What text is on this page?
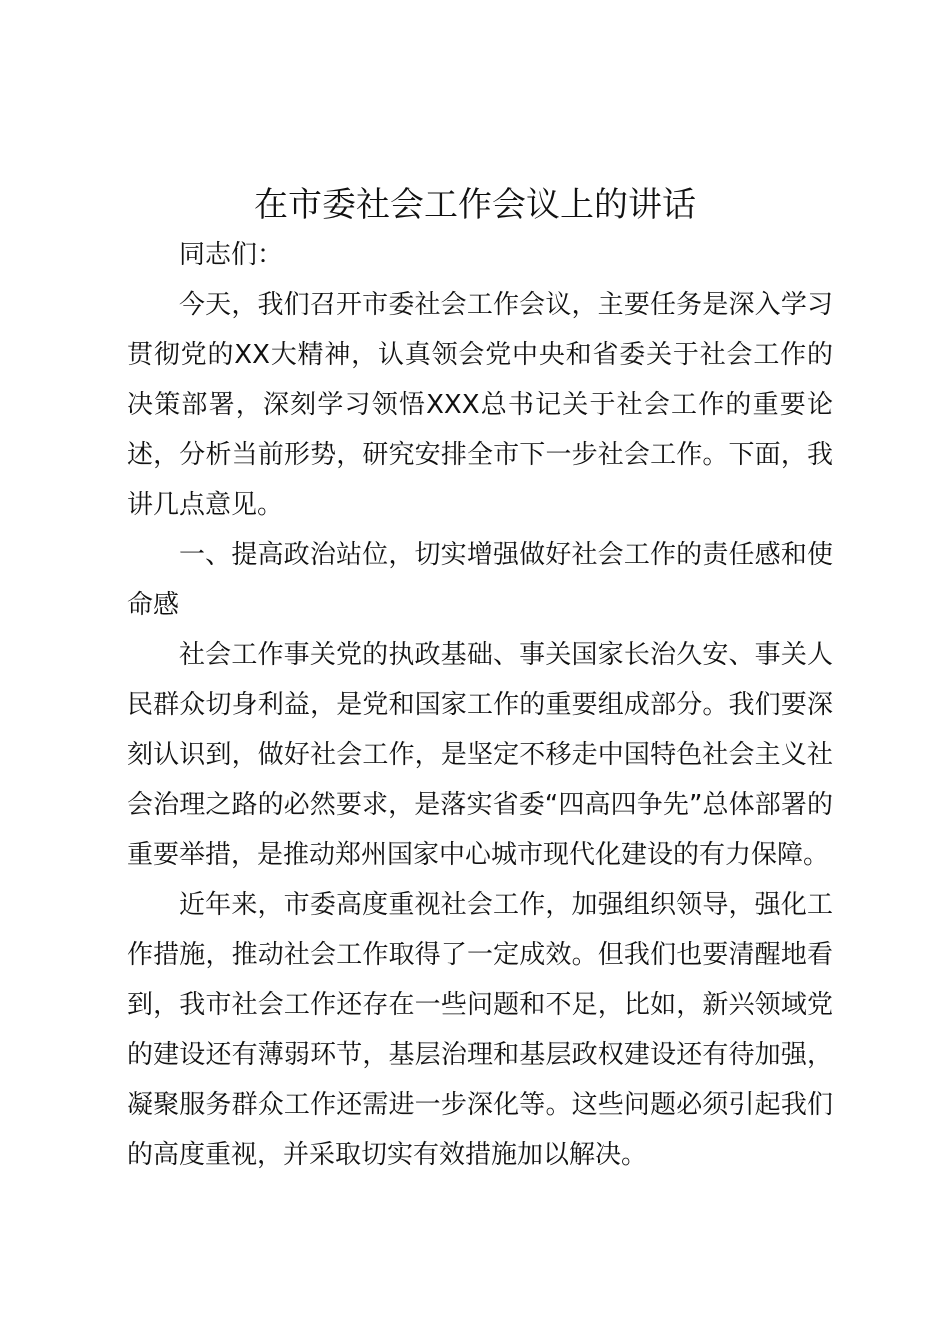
在市委社会工作会议上的讲话

同志们：

今天，我们召开市委社会工作会议，主要任务是深入学习贯彻党的XX大精神，认真领会党中央和省委关于社会工作的决策部署，深刻学习领悟XXX总书记关于社会工作的重要论述，分析当前形势，研究安排全市下一步社会工作。下面，我讲几点意见。

一、提高政治站位，切实增强做好社会工作的责任感和使命感

社会工作事关党的执政基础、事关国家长治久安、事关人民群众切身利益，是党和国家工作的重要组成部分。我们要深刻认识到，做好社会工作，是坚定不移走中国特色社会主义社会治理之路的必然要求，是落实省委“四高四争先”总体部署的重要举措，是推动郑州国家中心城市现代化建设的有力保障。

近年来，市委高度重视社会工作，加强组织领导，强化工作措施，推动社会工作取得了一定成效。但我们也要清醒地看到，我市社会工作还存在一些问题和不足，比如，新兴领域党的建设还有薄弱环节，基层治理和基层政权建设还有待加强，凝聚服务群众工作还需进一步深化等。这些问题必须引起我们的高度重视，并采取切实有效措施加以解决。
